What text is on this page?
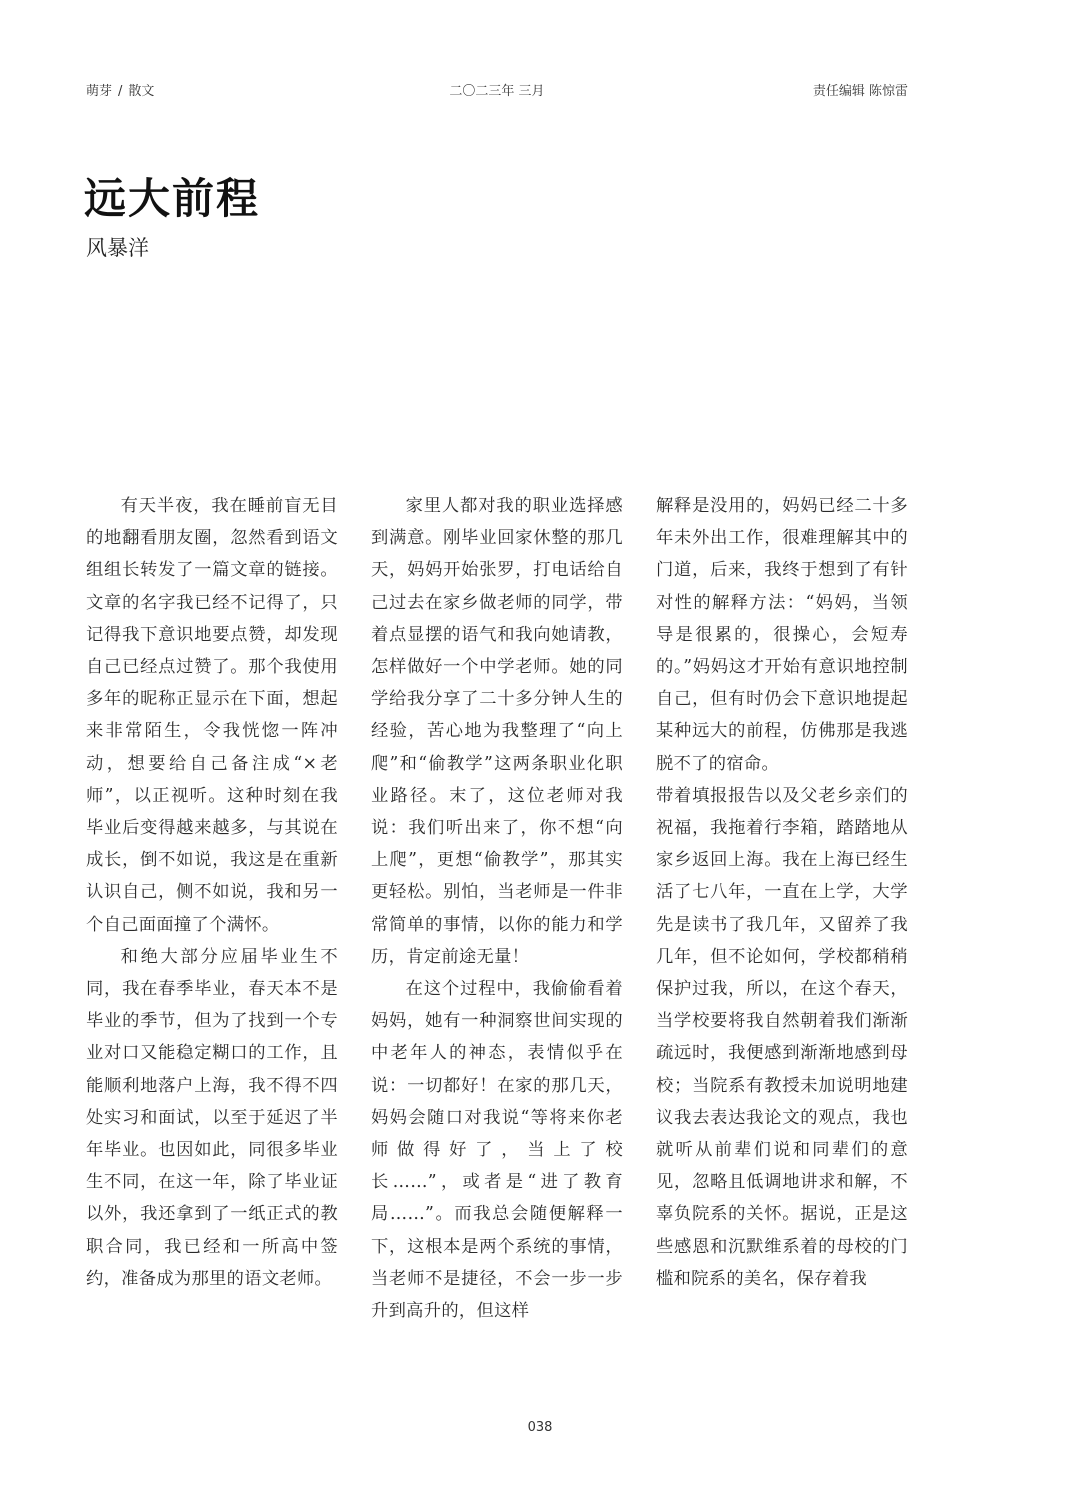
萌芽 / 散文	二〇二三年 三月	责任编辑 陈惊雷
远大前程
风暴洋

有天半夜，我在睡前盲无目的地翻看朋友圈，忽然看到语文组组长转发了一篇文章的链接。文章的名字我已经不记得了，只记得我下意识地要点赞，却发现自己已经点过赞了。那个我使用多年的昵称正显示在下面，想起来非常陌生，令我恍惚一阵冲动，想要给自己备注成“×老师”，以正视听。这种时刻在我毕业后变得越来越多，与其说在成长，倒不如说，我这是在重新认识自己，侧不如说，我和另一个自己面面撞了个满怀。

和绝大部分应届毕业生不同，我在春季毕业，春天本不是毕业的季节，但为了找到一个专业对口又能稳定糊口的工作，且能顺利地落户上海，我不得不四处实习和面试，以至于延迟了半年毕业。也因如此，同很多毕业生不同，在这一年，除了毕业证以外，我还拿到了一纸正式的教职合同，我已经和一所高中签约，准备成为那里的语文老师。

家里人都对我的职业选择感到满意。刚毕业回家休整的那几天，妈妈开始张罗，打电话给自己过去在家乡做老师的同学，带着点显摆的语气和我向她请教，怎样做好一个中学老师。她的同学给我分享了二十多分钟人生的经验，苦心地为我整理了“向上爬”和“偷教学”这两条职业化职业路径。末了，这位老师对我说：我们听出来了，你不想“向上爬”，更想“偷教学”，那其实更轻松。别怕，当老师是一件非常简单的事情，以你的能力和学历，肯定前途无量！

在这个过程中，我偷偷看着妈妈，她有一种洞察世间实现的中老年人的神态，表情似乎在说：一切都好！在家的那几天，妈妈会随口对我说“等将来你老师做得好了，当上了校长……”，或者是“进了教育局……”。而我总会随便解释一下，这根本是两个系统的事情，当老师不是捷径，不会一步一步升到高升的，但这样

解释是没用的，妈妈已经二十多年未外出工作，很难理解其中的门道，后来，我终于想到了有针对性的解释方法：“妈妈，当领导是很累的，很操心，会短寿的。”妈妈这才开始有意识地控制自己，但有时仍会下意识地提起某种远大的前程，仿佛那是我逃脱不了的宿命。

带着填报报告以及父老乡亲们的祝福，我拖着行李箱，踏踏地从家乡返回上海。我在上海已经生活了七八年，一直在上学，大学先是读书了我几年，又留养了我几年，但不论如何，学校都稍稍保护过我，所以，在这个春天，当学校要将我自然朝着我们渐渐疏远时，我便感到渐渐地感到母校；当院系有教授未加说明地建议我去表达我论文的观点，我也就听从前辈们说和同辈们的意见，忽略且低调地讲求和解，不辜负院系的关怀。据说，正是这些感恩和沉默维系着的母校的门槛和院系的美名，保存着我

038
